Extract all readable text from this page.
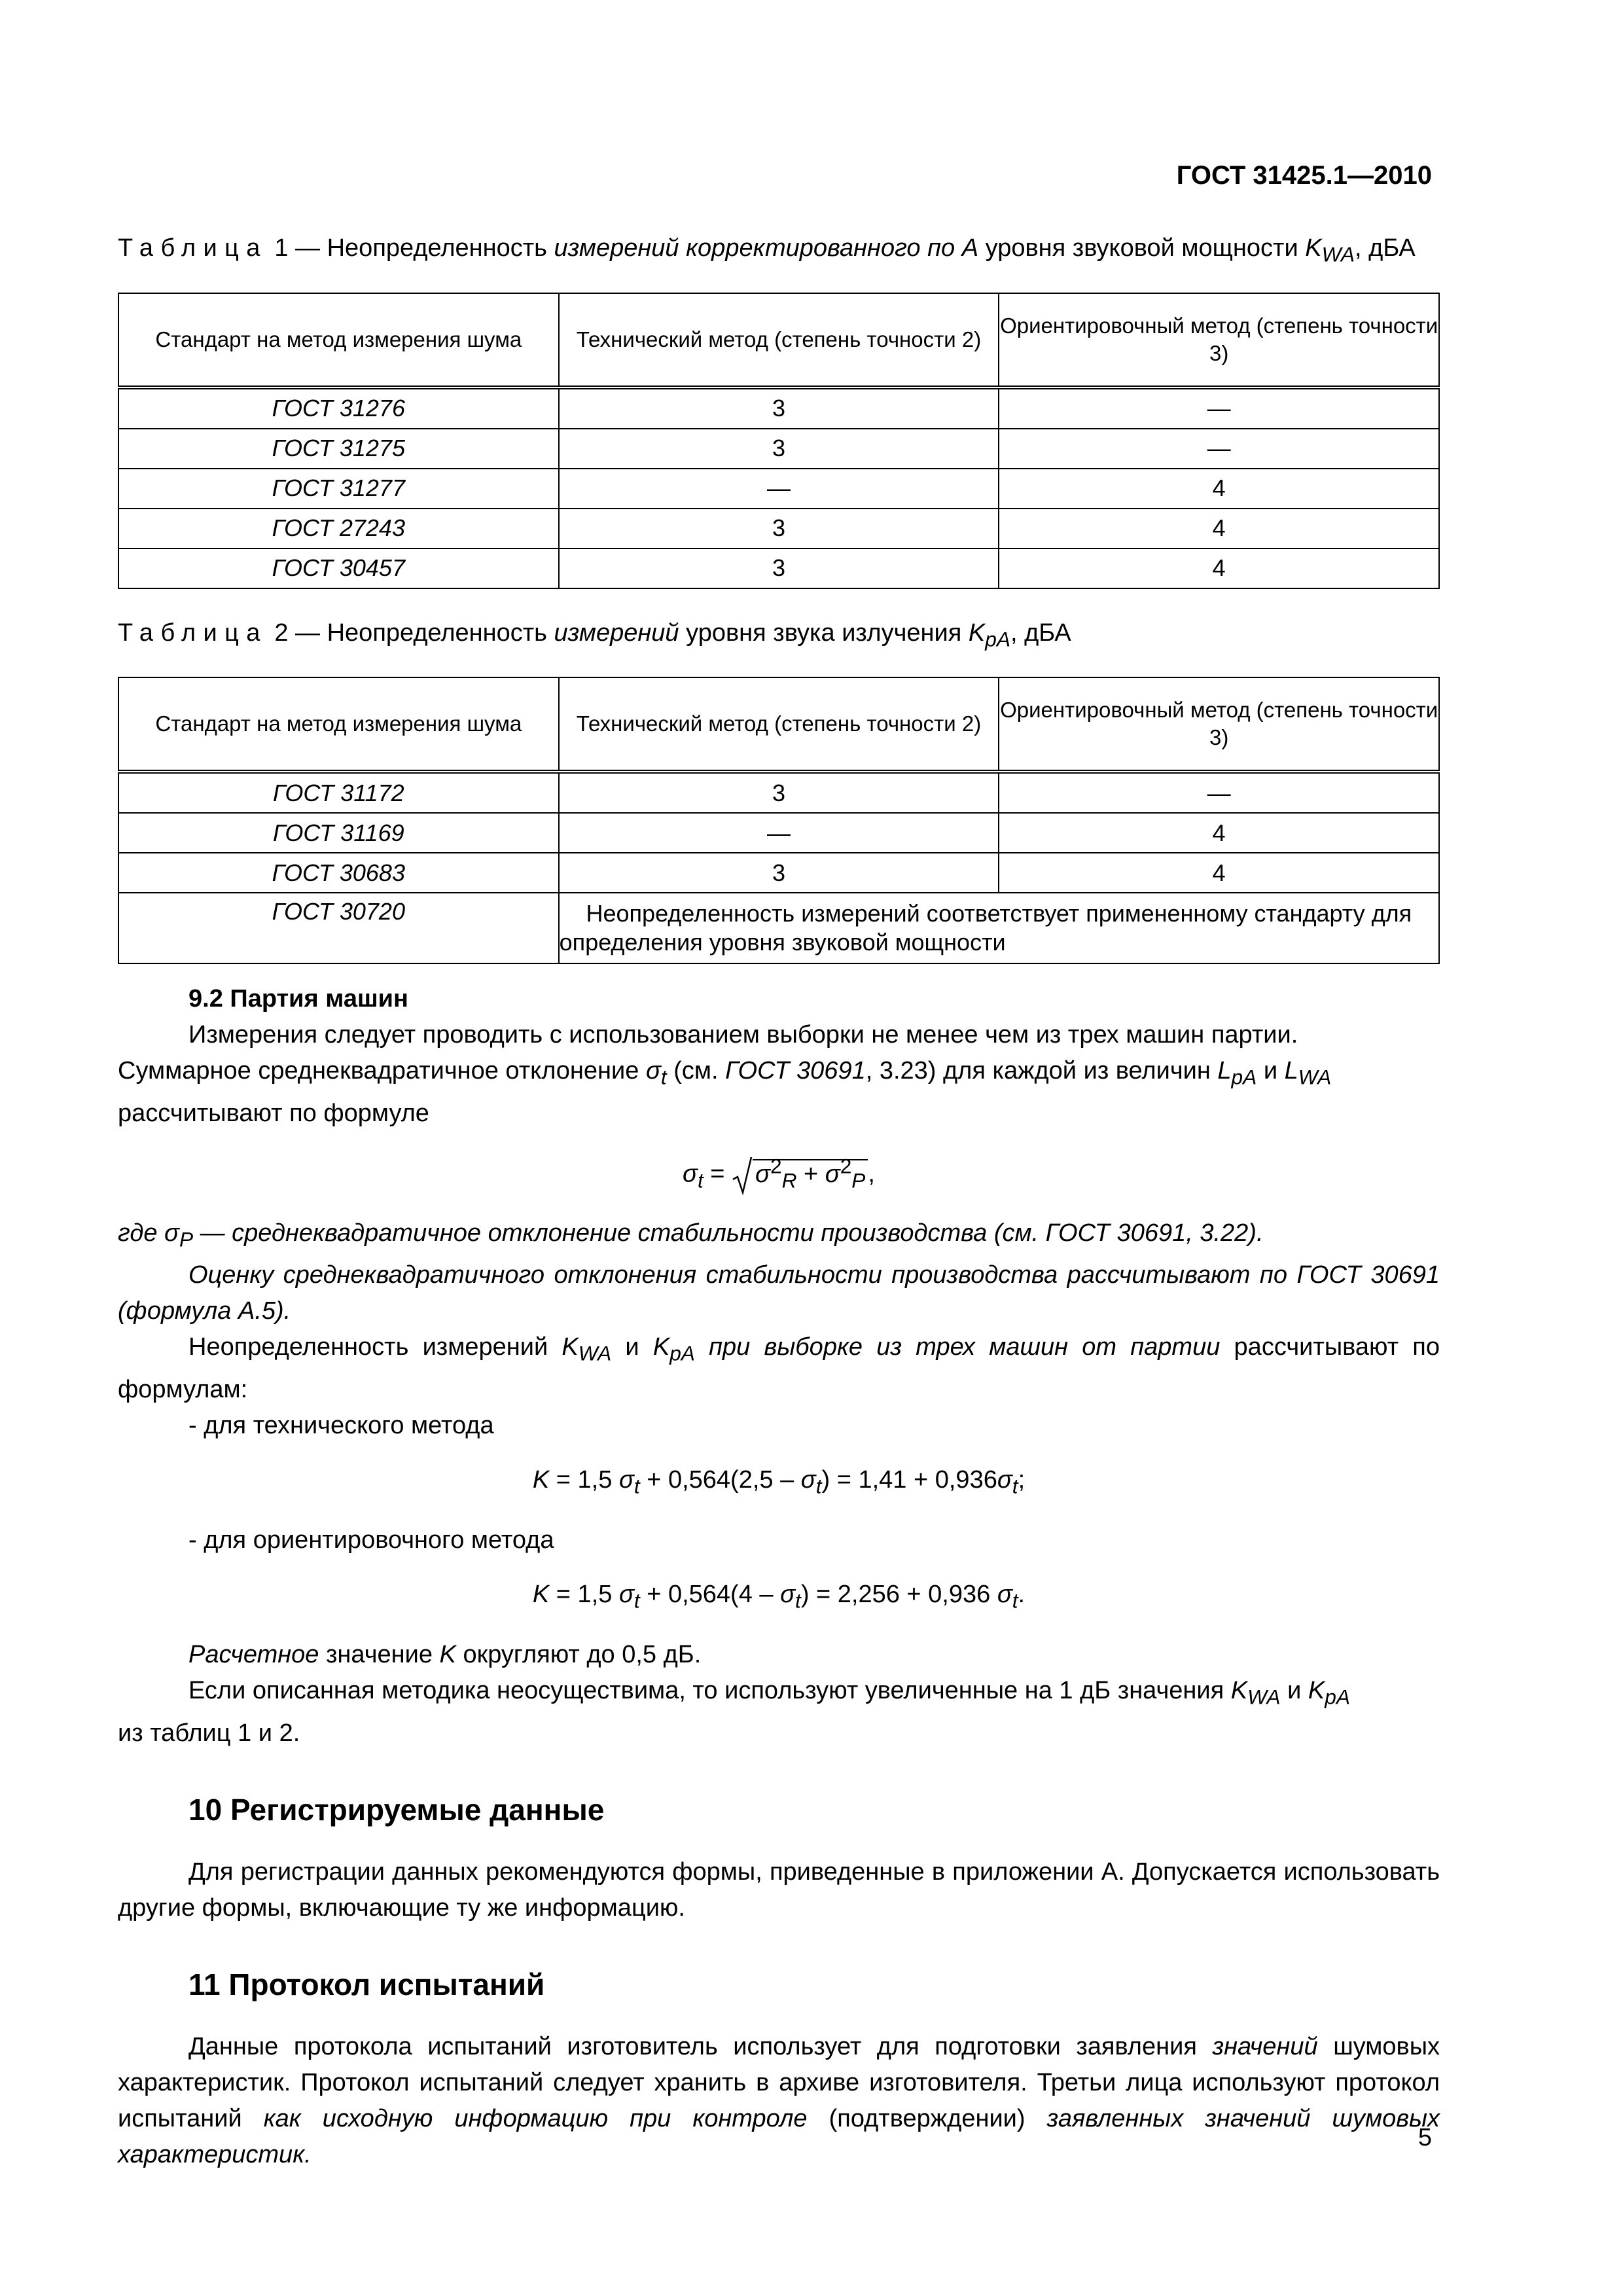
ГОСТ 31425.1—2010
Таблица 1 — Неопределенность измерений корректированного по А уровня звуковой мощности $K_{WA}$, дБА
Стандарт на метод измерения шума	Технический метод (степень точности 2)	Ориентировочный метод (степень точности 3)
ГОСТ 31276	3	—
ГОСТ 31275	3	—
ГОСТ 31277	—	4
ГОСТ 27243	3	4
ГОСТ 30457	3	4
Таблица 2 — Неопределенность измерений уровня звука излучения $K_{pA}$, дБА
Стандарт на метод измерения шума	Технический метод (степень точности 2)	Ориентировочный метод (степень точности 3)
ГОСТ 31172	3	—
ГОСТ 31169	—	4
ГОСТ 30683	3	4
ГОСТ 30720	Неопределенность измерений соответствует примененному стандарту для определения уровня звуковой мощности	
9.2 Партия машин

Измерения следует проводить с использованием выборки не менее чем из трех машин партии.

Суммарное среднеквадратичное отклонение $\sigma_t$ (см. ГОСТ 30691, 3.23) для каждой из величин $L_{pA}$ и $L_{WA}$

рассчитывают по формуле

$\sigma_t = \sigma^2_R + \sigma^2_P$ ,

где $\sigma_P$ — среднеквадратичное отклонение стабильности производства (см. ГОСТ 30691, 3.22).

Оценку среднеквадратичного отклонения стабильности производства рассчитывают по ГОСТ 30691 (формула А.5).

Неопределенность измерений $K_{WA}$ и $K_{pA}$ при выборке из трех машин от партии рассчитывают по формулам:

- для технического метода
K = 1,5 $\sigma_t + 0,564(2,5 - \sigma_t) = 1,41 + 0,936\sigma_t$;
- для ориентировочного метода
K = 1,5 $\sigma_t + 0,564(4 - \sigma_t) = 2,256 + 0,936$ $\sigma_t$.

Расчетное значение K округляют до 0,5 дБ.

Если описанная методика неосуществима, то используют увеличенные на 1 дБ значения $K_{WA}$ и $K_{pA}$

из таблиц 1 и 2.

10 Регистрируемые данные

Для регистрации данных рекомендуются формы, приведенные в приложении А. Допускается использовать другие формы, включающие ту же информацию.

11 Протокол испытаний

Данные протокола испытаний изготовитель использует для подготовки заявления значений шумовых характеристик. Протокол испытаний следует хранить в архиве изготовителя. Третьи лица используют протокол испытаний как исходную информацию при контроле (подтверждении) заявленных значений шумовых характеристик.

5
